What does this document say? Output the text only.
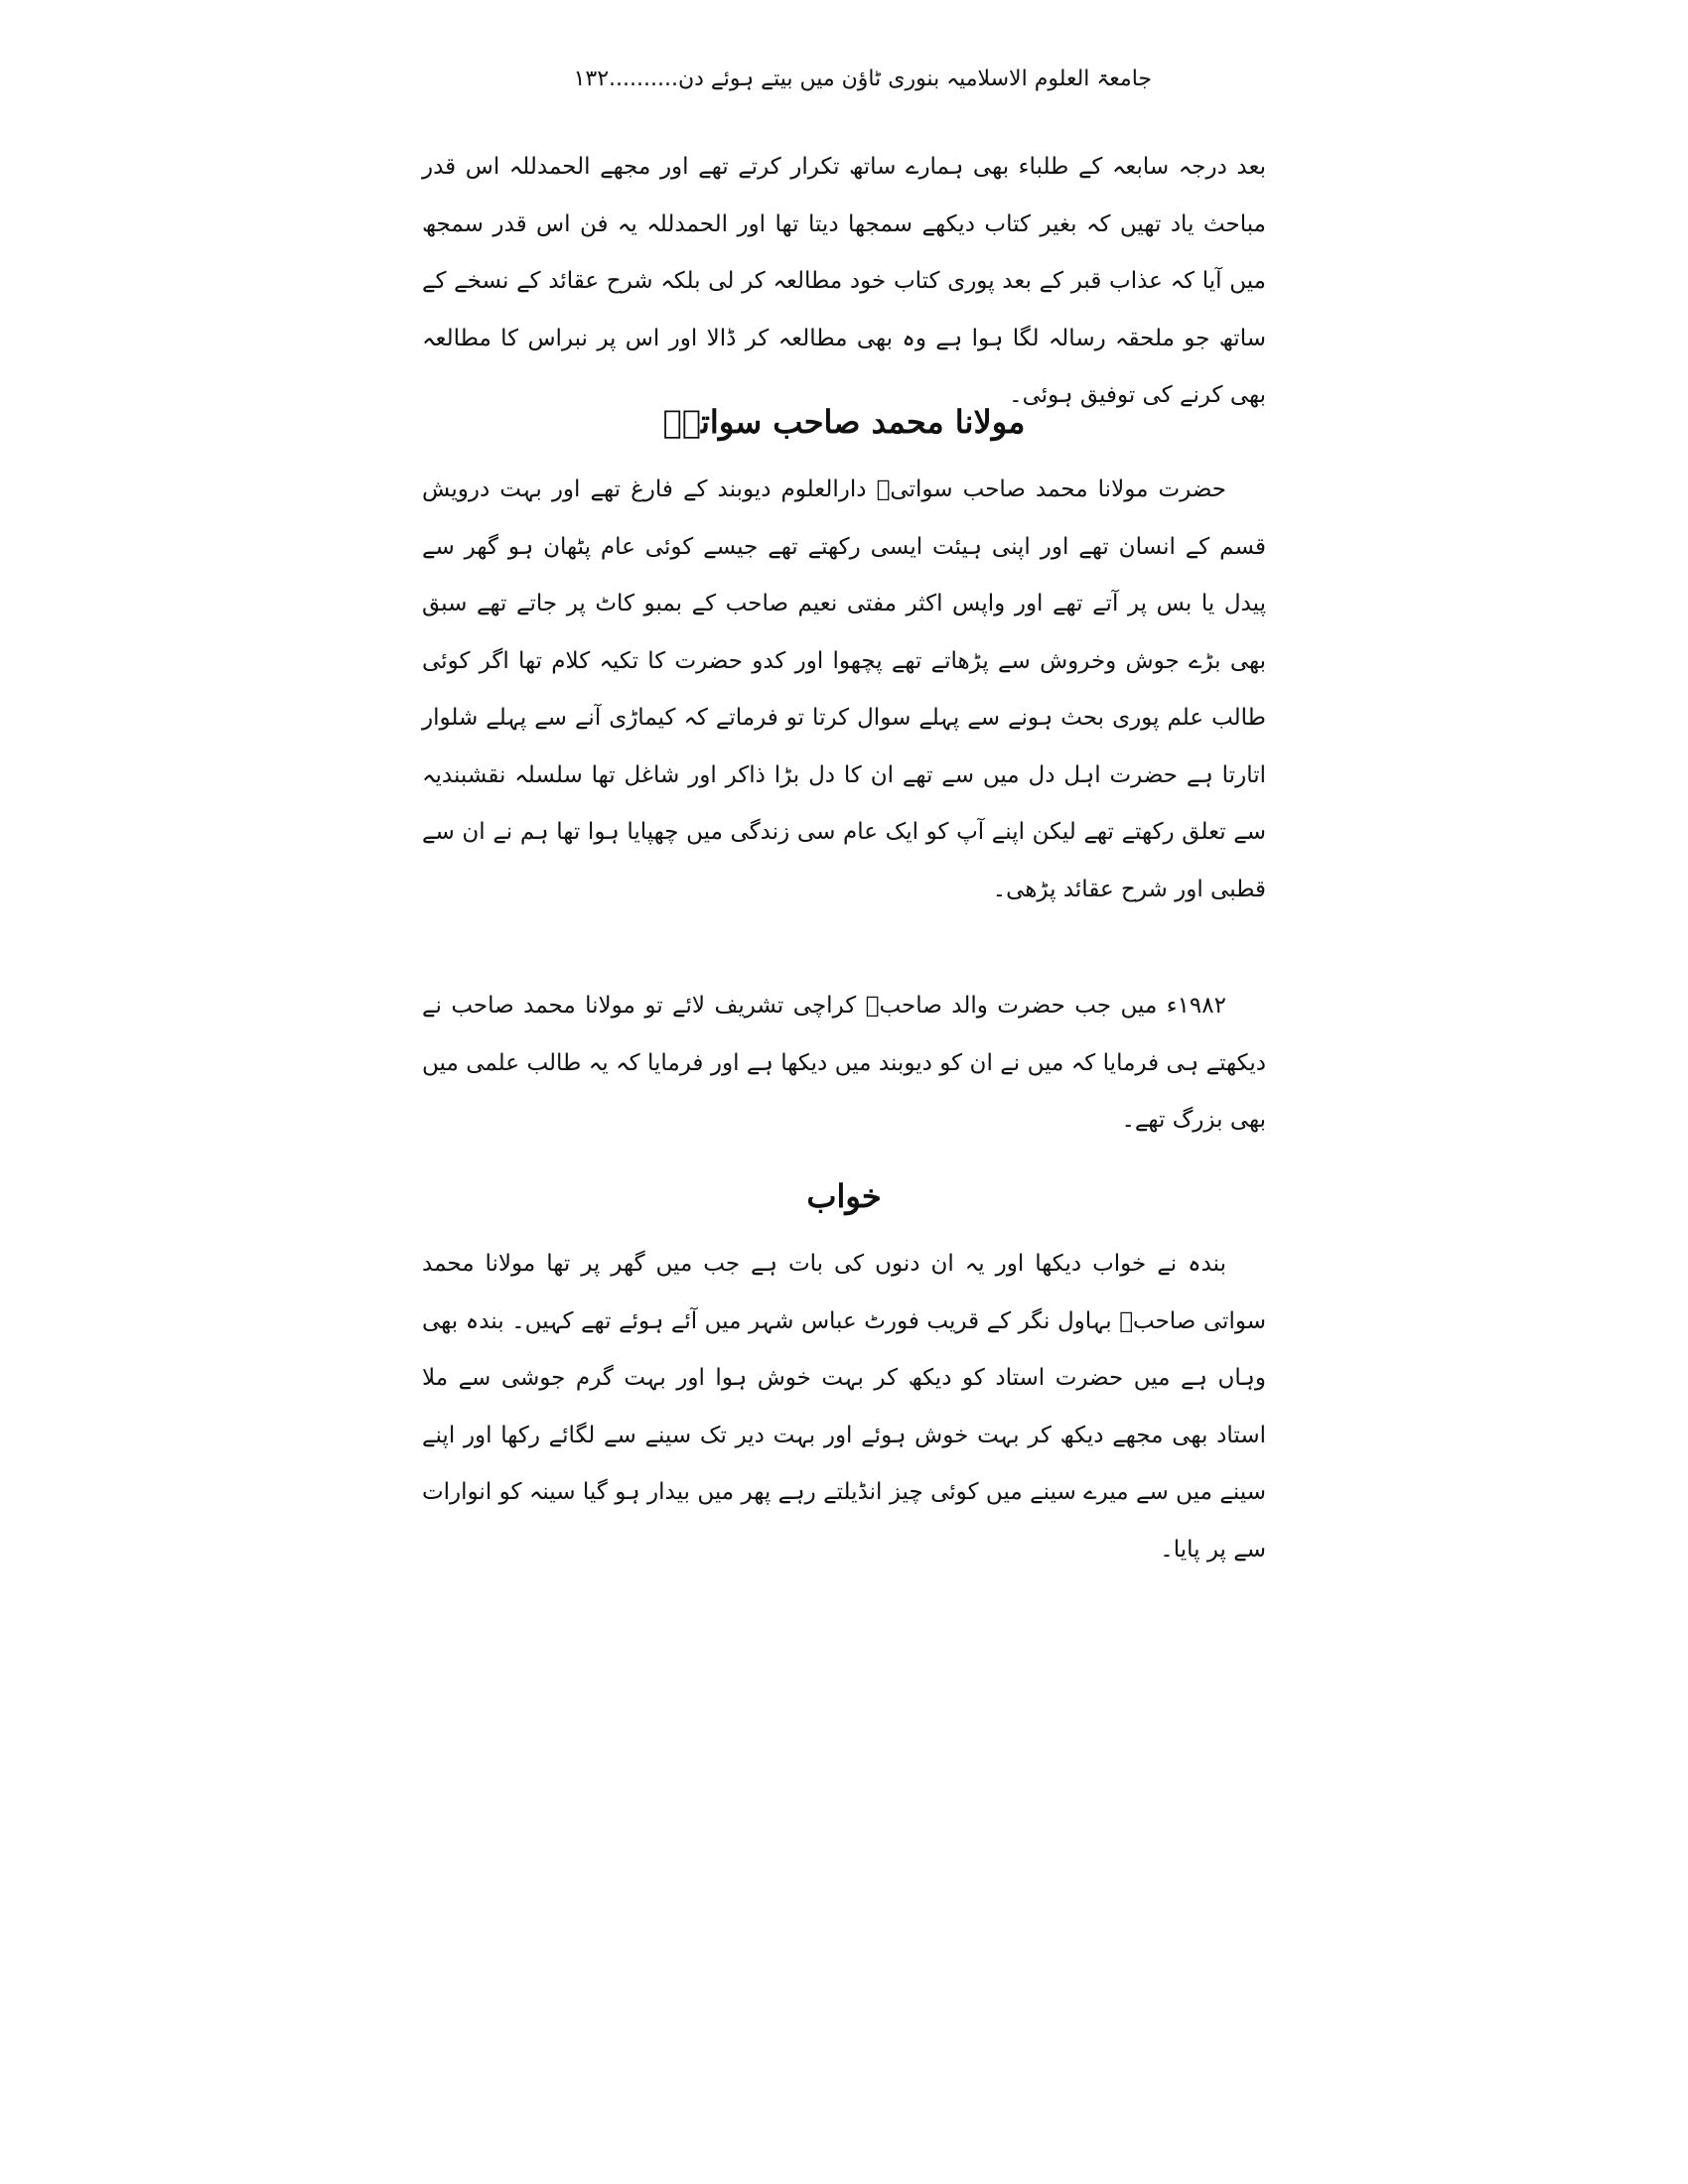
جامعۃ العلوم الاسلامیہ بنوری ٹاؤن میں بیتے ہوئے دن..........۱۳۲

بعد درجہ سابعہ کے طلباء بھی ہمارے ساتھ تکرار کرتے تھے اور مجھے الحمدللہ اس قدر مباحث یاد تھیں کہ بغیر کتاب دیکھے سمجھا دیتا تھا اور الحمدللہ یہ فن اس قدر سمجھ میں آیا کہ عذاب قبر کے بعد پوری کتاب خود مطالعہ کر لی بلکہ شرح عقائد کے نسخے کے ساتھ جو ملحقہ رسالہ لگا ہوا ہے وہ بھی مطالعہ کر ڈالا اور اس پر نبراس کا مطالعہ بھی کرنے کی توفیق ہوئی۔

مولانا محمد صاحب سواتیؒ

حضرت مولانا محمد صاحب سواتیؒ دارالعلوم دیوبند کے فارغ تھے اور بہت درویش قسم کے انسان تھے اور اپنی ہیئت ایسی رکھتے تھے جیسے کوئی عام پٹھان ہو گھر سے پیدل یا بس پر آتے تھے اور واپس اکثر مفتی نعیم صاحب کے بمبو کاٹ پر جاتے تھے سبق بھی بڑے جوش وخروش سے پڑھاتے تھے پچھوا اور کدو حضرت کا تکیہ کلام تھا اگر کوئی طالب علم پوری بحث ہونے سے پہلے سوال کرتا تو فرماتے کہ کیماڑی آنے سے پہلے شلوار اتارتا ہے حضرت اہل دل میں سے تھے ان کا دل بڑا ذاکر اور شاغل تھا سلسلہ نقشبندیہ سے تعلق رکھتے تھے لیکن اپنے آپ کو ایک عام سی زندگی میں چھپایا ہوا تھا ہم نے ان سے قطبی اور شرح عقائد پڑھی۔

۱۹۸۲ء میں جب حضرت والد صاحبؒ کراچی تشریف لائے تو مولانا محمد صاحب نے دیکھتے ہی فرمایا کہ میں نے ان کو دیوبند میں دیکھا ہے اور فرمایا کہ یہ طالب علمی میں بھی بزرگ تھے۔

خواب

بندہ نے خواب دیکھا اور یہ ان دنوں کی بات ہے جب میں گھر پر تھا مولانا محمد سواتی صاحبؒ بہاول نگر کے قریب فورٹ عباس شہر میں آئے ہوئے تھے کہیں۔ بندہ بھی وہاں ہے میں حضرت استاد کو دیکھ کر بہت خوش ہوا اور بہت گرم جوشی سے ملا استاد بھی مجھے دیکھ کر بہت خوش ہوئے اور بہت دیر تک سینے سے لگائے رکھا اور اپنے سینے میں سے میرے سینے میں کوئی چیز انڈیلتے رہے پھر میں بیدار ہو گیا سینہ کو انوارات سے پر پایا۔
